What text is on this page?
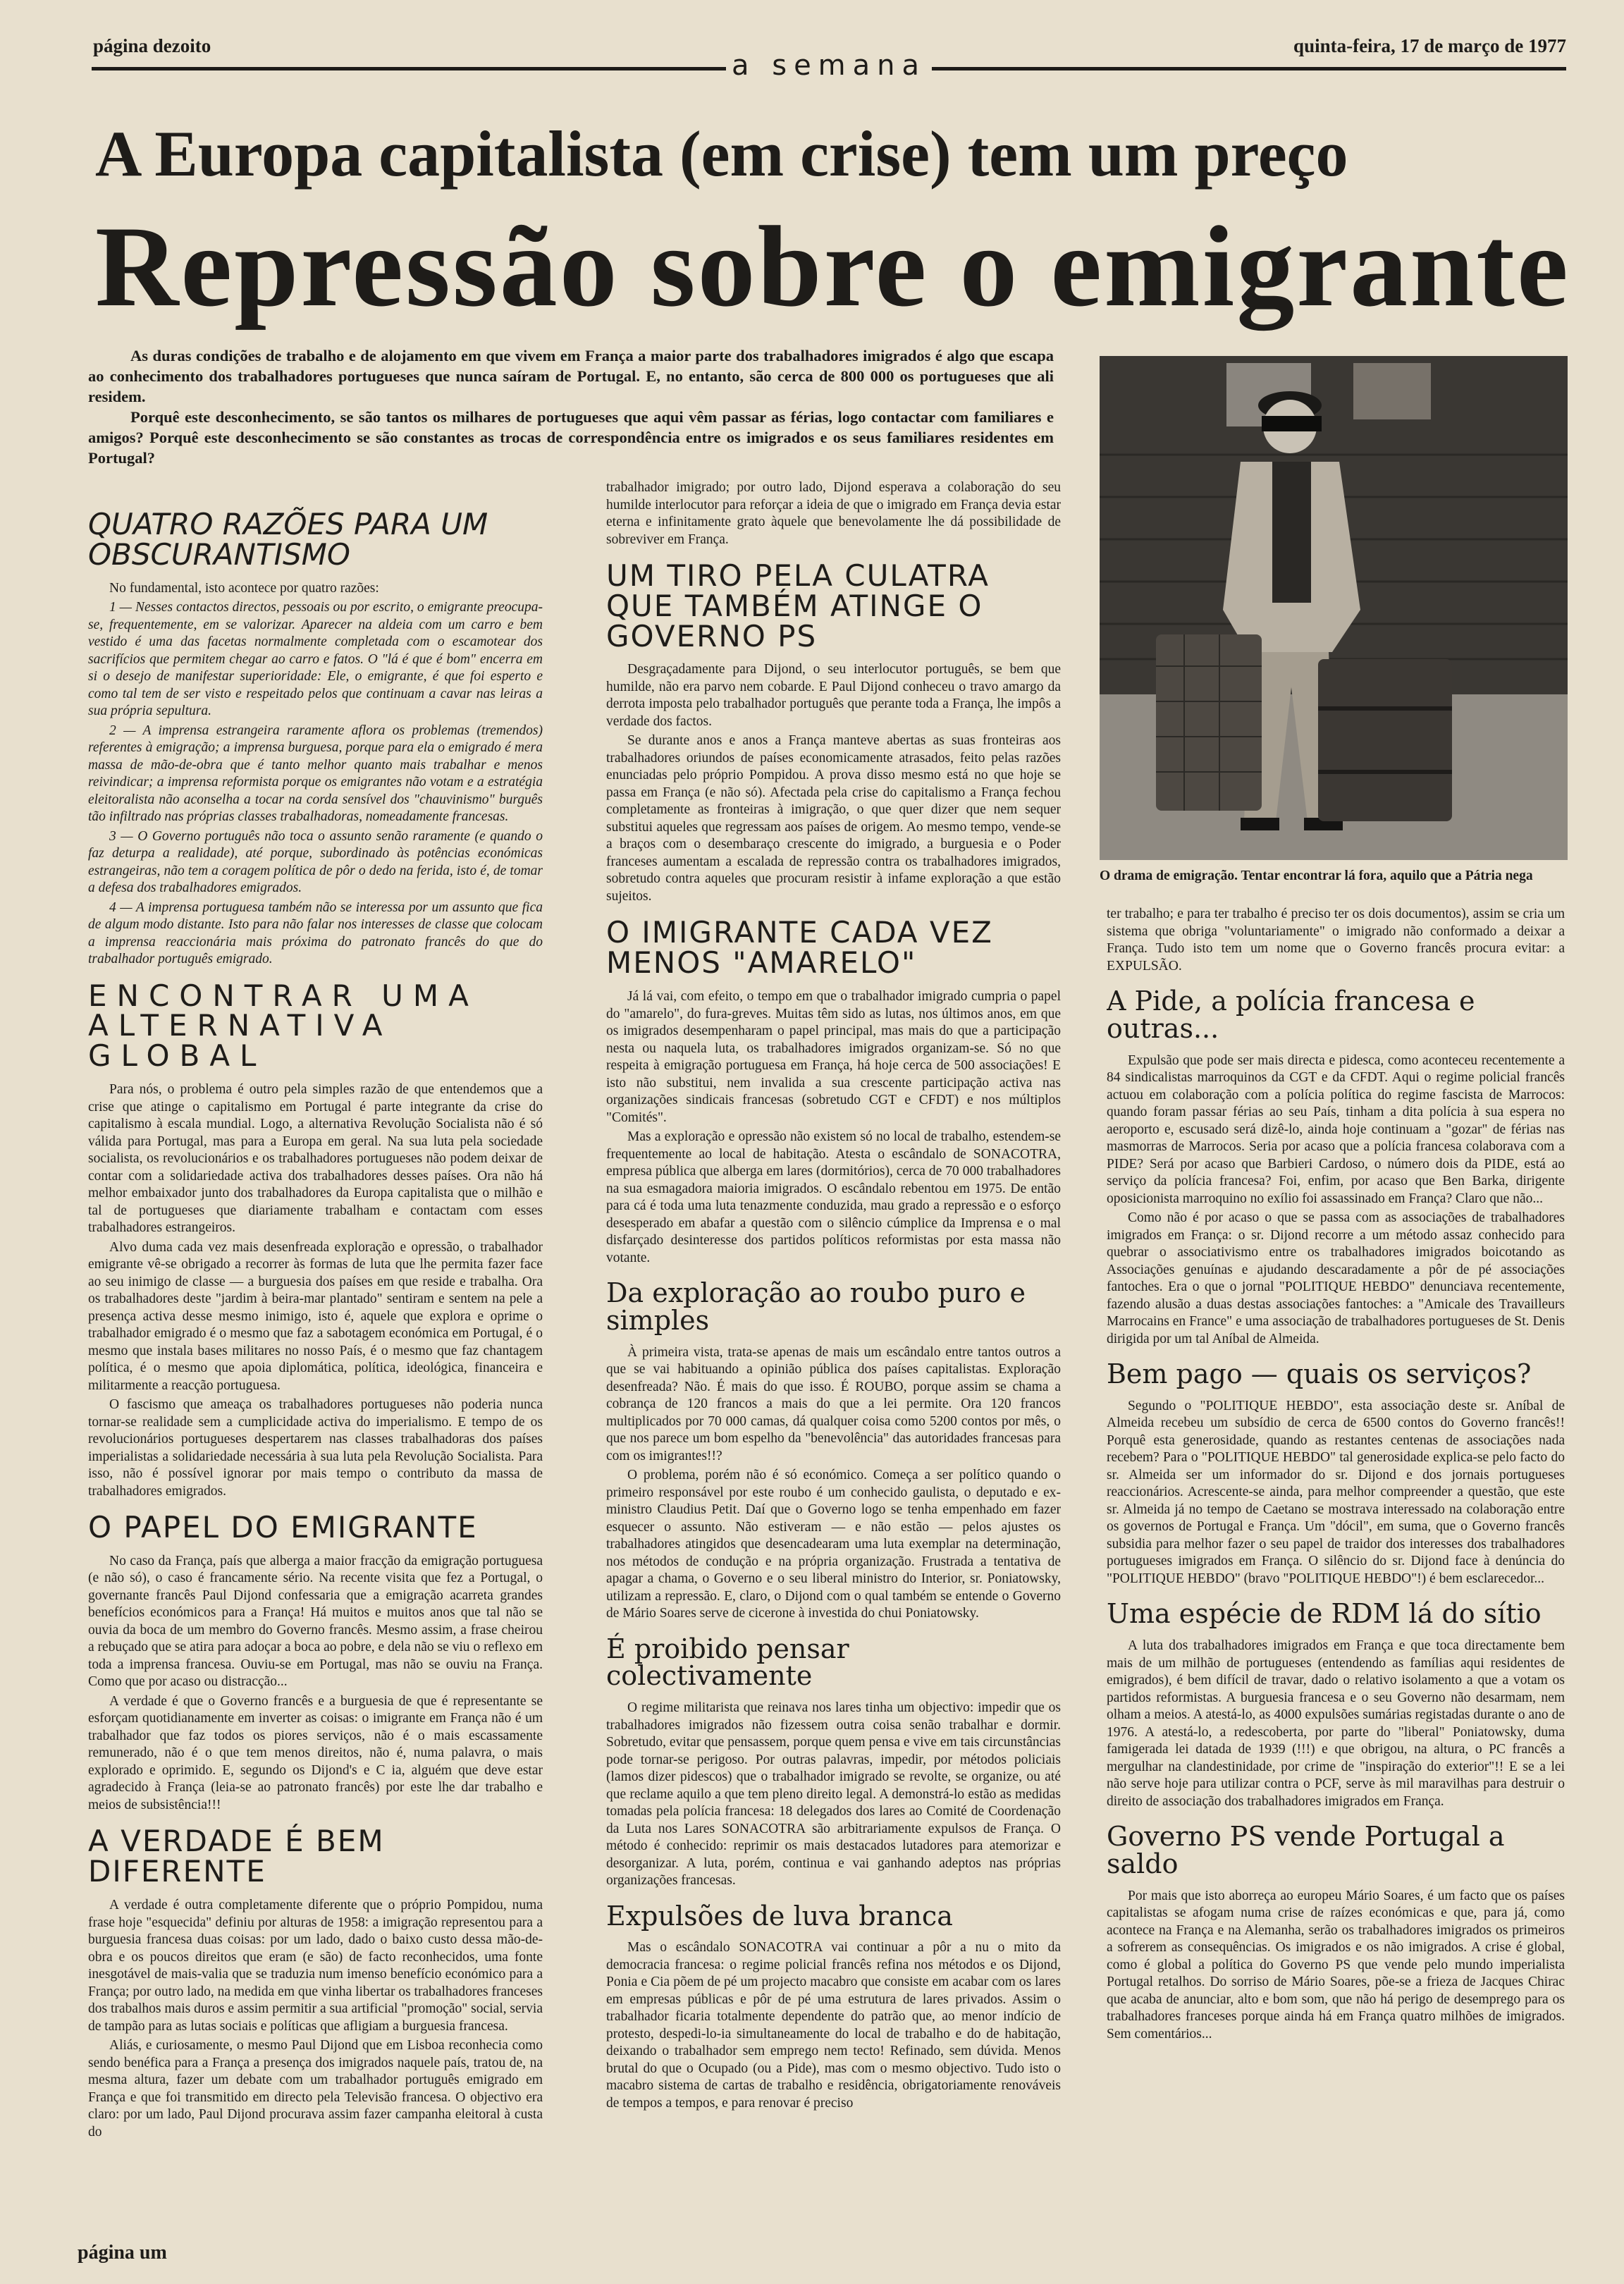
página dezoito
a semana
quinta-feira, 17 de março de 1977
A Europa capitalista (em crise) tem um preço
Repressão sobre o emigrante

As duras condições de trabalho e de alojamento em que vivem em França a maior parte dos trabalhadores imigrados é algo que escapa ao conhecimento dos trabalhadores portugueses que nunca saíram de Portugal. E, no entanto, são cerca de 800 000 os portugueses que ali residem.

Porquê este desconhecimento, se são tantos os milhares de portugueses que aqui vêm passar as férias, logo contactar com familiares e amigos? Porquê este desconhecimento se são constantes as trocas de correspondência entre os imigrados e os seus familiares residentes em Portugal?

O drama de emigração. Tentar encontrar lá fora, aquilo que a Pátria nega
QUATRO RAZÕES PARA UM OBSCURANTISMO

No fundamental, isto acontece por quatro razões:

1 — Nesses contactos directos, pessoais ou por escrito, o emigrante preocupa-se, frequentemente, em se valorizar. Aparecer na aldeia com um carro e bem vestido é uma das facetas normalmente completada com o escamotear dos sacrifícios que permitem chegar ao carro e fatos. O "lá é que é bom" encerra em si o desejo de manifestar superioridade: Ele, o emigrante, é que foi esperto e como tal tem de ser visto e respeitado pelos que continuam a cavar nas leiras a sua própria sepultura.

2 — A imprensa estrangeira raramente aflora os problemas (tremendos) referentes à emigração; a imprensa burguesa, porque para ela o emigrado é mera massa de mão-de-obra que é tanto melhor quanto mais trabalhar e menos reivindicar; a imprensa reformista porque os emigrantes não votam e a estratégia eleitoralista não aconselha a tocar na corda sensível dos "chauvinismo" burguês tão infiltrado nas próprias classes trabalhadoras, nomeadamente francesas.

3 — O Governo português não toca o assunto senão raramente (e quando o faz deturpa a realidade), até porque, subordinado às potências económicas estrangeiras, não tem a coragem política de pôr o dedo na ferida, isto é, de tomar a defesa dos trabalhadores emigrados.

4 — A imprensa portuguesa também não se interessa por um assunto que fica de algum modo distante. Isto para não falar nos interesses de classe que colocam a imprensa reaccionária mais próxima do patronato francês do que do trabalhador português emigrado.

ENCONTRAR UMA ALTERNATIVA GLOBAL

Para nós, o problema é outro pela simples razão de que entendemos que a crise que atinge o capitalismo em Portugal é parte integrante da crise do capitalismo à escala mundial. Logo, a alternativa Revolução Socialista não é só válida para Portugal, mas para a Europa em geral. Na sua luta pela sociedade socialista, os revolucionários e os trabalhadores portugueses não podem deixar de contar com a solidariedade activa dos trabalhadores desses países. Ora não há melhor embaixador junto dos trabalhadores da Europa capitalista que o milhão e tal de portugueses que diariamente trabalham e contactam com esses trabalhadores estrangeiros.

Alvo duma cada vez mais desenfreada exploração e opressão, o trabalhador emigrante vê-se obrigado a recorrer às formas de luta que lhe permita fazer face ao seu inimigo de classe — a burguesia dos países em que reside e trabalha. Ora os trabalhadores deste "jardim à beira-mar plantado" sentiram e sentem na pele a presença activa desse mesmo inimigo, isto é, aquele que explora e oprime o trabalhador emigrado é o mesmo que faz a sabotagem económica em Portugal, é o mesmo que instala bases militares no nosso País, é o mesmo que faz chantagem política, é o mesmo que apoia diplomática, política, ideológica, financeira e militarmente a reacção portuguesa.

O fascismo que ameaça os trabalhadores portugueses não poderia nunca tornar-se realidade sem a cumplicidade activa do imperialismo. E tempo de os revolucionários portugueses despertarem nas classes trabalhadoras dos países imperialistas a solidariedade necessária à sua luta pela Revolução Socialista. Para isso, não é possível ignorar por mais tempo o contributo da massa de trabalhadores emigrados.

O PAPEL DO EMIGRANTE

No caso da França, país que alberga a maior fracção da emigração portuguesa (e não só), o caso é francamente sério. Na recente visita que fez a Portugal, o governante francês Paul Dijond confessaria que a emigração acarreta grandes benefícios económicos para a França! Há muitos e muitos anos que tal não se ouvia da boca de um membro do Governo francês. Mesmo assim, a frase cheirou a rebuçado que se atira para adoçar a boca ao pobre, e dela não se viu o reflexo em toda a imprensa francesa. Ouviu-se em Portugal, mas não se ouviu na França. Como que por acaso ou distracção...

A verdade é que o Governo francês e a burguesia de que é representante se esforçam quotidianamente em inverter as coisas: o imigrante em França não é um trabalhador que faz todos os piores serviços, não é o mais escassamente remunerado, não é o que tem menos direitos, não é, numa palavra, o mais explorado e oprimido. E, segundo os Dijond's e C ia, alguém que deve estar agradecido à França (leia-se ao patronato francês) por este lhe dar trabalho e meios de subsistência!!!

A VERDADE É BEM DIFERENTE

A verdade é outra completamente diferente que o próprio Pompidou, numa frase hoje "esquecida" definiu por alturas de 1958: a imigração representou para a burguesia francesa duas coisas: por um lado, dado o baixo custo dessa mão-de-obra e os poucos direitos que eram (e são) de facto reconhecidos, uma fonte inesgotável de mais-valia que se traduzia num imenso benefício económico para a França; por outro lado, na medida em que vinha libertar os trabalhadores franceses dos trabalhos mais duros e assim permitir a sua artificial "promoção" social, servia de tampão para as lutas sociais e políticas que afligiam a burguesia francesa.

Aliás, e curiosamente, o mesmo Paul Dijond que em Lisboa reconhecia como sendo benéfica para a França a presença dos imigrados naquele país, tratou de, na mesma altura, fazer um debate com um trabalhador português emigrado em França e que foi transmitido em directo pela Televisão francesa. O objectivo era claro: por um lado, Paul Dijond procurava assim fazer campanha eleitoral à custa do

trabalhador imigrado; por outro lado, Dijond esperava a colaboração do seu humilde interlocutor para reforçar a ideia de que o imigrado em França devia estar eterna e infinitamente grato àquele que benevolamente lhe dá possibilidade de sobreviver em França.

UM TIRO PELA CULATRA QUE TAMBÉM ATINGE O GOVERNO PS

Desgraçadamente para Dijond, o seu interlocutor português, se bem que humilde, não era parvo nem cobarde. E Paul Dijond conheceu o travo amargo da derrota imposta pelo trabalhador português que perante toda a França, lhe impôs a verdade dos factos.

Se durante anos e anos a França manteve abertas as suas fronteiras aos trabalhadores oriundos de países economicamente atrasados, feito pelas razões enunciadas pelo próprio Pompidou. A prova disso mesmo está no que hoje se passa em França (e não só). Afectada pela crise do capitalismo a França fechou completamente as fronteiras à imigração, o que quer dizer que nem sequer substitui aqueles que regressam aos países de origem. Ao mesmo tempo, vende-se a braços com o desembaraço crescente do imigrado, a burguesia e o Poder franceses aumentam a escalada de repressão contra os trabalhadores imigrados, sobretudo contra aqueles que procuram resistir à infame exploração a que estão sujeitos.

O IMIGRANTE CADA VEZ MENOS "AMARELO"

Já lá vai, com efeito, o tempo em que o trabalhador imigrado cumpria o papel do "amarelo", do fura-greves. Muitas têm sido as lutas, nos últimos anos, em que os imigrados desempenharam o papel principal, mas mais do que a participação nesta ou naquela luta, os trabalhadores imigrados organizam-se. Só no que respeita à emigração portuguesa em França, há hoje cerca de 500 associações! E isto não substitui, nem invalida a sua crescente participação activa nas organizações sindicais francesas (sobretudo CGT e CFDT) e nos múltiplos "Comités".

Mas a exploração e opressão não existem só no local de trabalho, estendem-se frequentemente ao local de habitação. Atesta o escândalo de SONACOTRA, empresa pública que alberga em lares (dormitórios), cerca de 70 000 trabalhadores na sua esmagadora maioria imigrados. O escândalo rebentou em 1975. De então para cá é toda uma luta tenazmente conduzida, mau grado a repressão e o esforço desesperado em abafar a questão com o silêncio cúmplice da Imprensa e o mal disfarçado desinteresse dos partidos políticos reformistas por esta massa não votante.

Da exploração ao roubo puro e simples

À primeira vista, trata-se apenas de mais um escândalo entre tantos outros a que se vai habituando a opinião pública dos países capitalistas. Exploração desenfreada? Não. É mais do que isso. É ROUBO, porque assim se chama a cobrança de 120 francos a mais do que a lei permite. Ora 120 francos multiplicados por 70 000 camas, dá qualquer coisa como 5200 contos por mês, o que nos parece um bom espelho da "benevolência" das autoridades francesas para com os imigrantes!!?

O problema, porém não é só económico. Começa a ser político quando o primeiro responsável por este roubo é um conhecido gaulista, o deputado e ex-ministro Claudius Petit. Daí que o Governo logo se tenha empenhado em fazer esquecer o assunto. Não estiveram — e não estão — pelos ajustes os trabalhadores atingidos que desencadearam uma luta exemplar na determinação, nos métodos de condução e na própria organização. Frustrada a tentativa de apagar a chama, o Governo e o seu liberal ministro do Interior, sr. Poniatowsky, utilizam a repressão. E, claro, o Dijond com o qual também se entende o Governo de Mário Soares serve de cicerone à investida do chui Poniatowsky.

É proibido pensar colectivamente

O regime militarista que reinava nos lares tinha um objectivo: impedir que os trabalhadores imigrados não fizessem outra coisa senão trabalhar e dormir. Sobretudo, evitar que pensassem, porque quem pensa e vive em tais circunstâncias pode tornar-se perigoso. Por outras palavras, impedir, por métodos policiais (lamos dizer pidescos) que o trabalhador imigrado se revolte, se organize, ou até que reclame aquilo a que tem pleno direito legal. A demonstrá-lo estão as medidas tomadas pela polícia francesa: 18 delegados dos lares ao Comité de Coordenação da Luta nos Lares SONACOTRA são arbitrariamente expulsos de França. O método é conhecido: reprimir os mais destacados lutadores para atemorizar e desorganizar. A luta, porém, continua e vai ganhando adeptos nas próprias organizações francesas.

Expulsões de luva branca

Mas o escândalo SONACOTRA vai continuar a pôr a nu o mito da democracia francesa: o regime policial francês refina nos métodos e os Dijond, Ponia e Cia põem de pé um projecto macabro que consiste em acabar com os lares em empresas públicas e pôr de pé uma estrutura de lares privados. Assim o trabalhador ficaria totalmente dependente do patrão que, ao menor indício de protesto, despedi-lo-ia simultaneamente do local de trabalho e do de habitação, deixando o trabalhador sem emprego nem tecto! Refinado, sem dúvida. Menos brutal do que o Ocupado (ou a Pide), mas com o mesmo objectivo. Tudo isto o macabro sistema de cartas de trabalho e residência, obrigatoriamente renováveis de tempos a tempos, e para renovar é preciso

ter trabalho; e para ter trabalho é preciso ter os dois documentos), assim se cria um sistema que obriga "voluntariamente" o imigrado não conformado a deixar a França. Tudo isto tem um nome que o Governo francês procura evitar: a EXPULSÃO.

A Pide, a polícia francesa e outras...

Expulsão que pode ser mais directa e pidesca, como aconteceu recentemente a 84 sindicalistas marroquinos da CGT e da CFDT. Aqui o regime policial francês actuou em colaboração com a polícia política do regime fascista de Marrocos: quando foram passar férias ao seu País, tinham a dita polícia à sua espera no aeroporto e, escusado será dizê-lo, ainda hoje continuam a "gozar" de férias nas masmorras de Marrocos. Seria por acaso que a polícia francesa colaborava com a PIDE? Será por acaso que Barbieri Cardoso, o número dois da PIDE, está ao serviço da polícia francesa? Foi, enfim, por acaso que Ben Barka, dirigente oposicionista marroquino no exílio foi assassinado em França? Claro que não...

Como não é por acaso o que se passa com as associações de trabalhadores imigrados em França: o sr. Dijond recorre a um método assaz conhecido para quebrar o associativismo entre os trabalhadores imigrados boicotando as Associações genuínas e ajudando descaradamente a pôr de pé associações fantoches. Era o que o jornal "POLITIQUE HEBDO" denunciava recentemente, fazendo alusão a duas destas associações fantoches: a "Amicale des Travailleurs Marrocains en France" e uma associação de trabalhadores portugueses de St. Denis dirigida por um tal Aníbal de Almeida.

Bem pago — quais os serviços?

Segundo o "POLITIQUE HEBDO", esta associação deste sr. Aníbal de Almeida recebeu um subsídio de cerca de 6500 contos do Governo francês!! Porquê esta generosidade, quando as restantes centenas de associações nada recebem? Para o "POLITIQUE HEBDO" tal generosidade explica-se pelo facto do sr. Almeida ser um informador do sr. Dijond e dos jornais portugueses reaccionários. Acrescente-se ainda, para melhor compreender a questão, que este sr. Almeida já no tempo de Caetano se mostrava interessado na colaboração entre os governos de Portugal e França. Um "dócil", em suma, que o Governo francês subsidia para melhor fazer o seu papel de traidor dos interesses dos trabalhadores portugueses imigrados em França. O silêncio do sr. Dijond face à denúncia do "POLITIQUE HEBDO" (bravo "POLITIQUE HEBDO"!) é bem esclarecedor...

Uma espécie de RDM lá do sítio

A luta dos trabalhadores imigrados em França e que toca directamente bem mais de um milhão de portugueses (entendendo as famílias aqui residentes de emigrados), é bem difícil de travar, dado o relativo isolamento a que a votam os partidos reformistas. A burguesia francesa e o seu Governo não desarmam, nem olham a meios. A atestá-lo, as 4000 expulsões sumárias registadas durante o ano de 1976. A atestá-lo, a redescoberta, por parte do "liberal" Poniatowsky, duma famigerada lei datada de 1939 (!!!) e que obrigou, na altura, o PC francês a mergulhar na clandestinidade, por crime de "inspiração do exterior"!! E se a lei não serve hoje para utilizar contra o PCF, serve às mil maravilhas para destruir o direito de associação dos trabalhadores imigrados em França.

Governo PS vende Portugal a saldo

Por mais que isto aborreça ao europeu Mário Soares, é um facto que os países capitalistas se afogam numa crise de raízes económicas e que, para já, como acontece na França e na Alemanha, serão os trabalhadores imigrados os primeiros a sofrerem as consequências. Os imigrados e os não imigrados. A crise é global, como é global a política do Governo PS que vende pelo mundo imperialista Portugal retalhos. Do sorriso de Mário Soares, põe-se a frieza de Jacques Chirac que acaba de anunciar, alto e bom som, que não há perigo de desemprego para os trabalhadores franceses porque ainda há em França quatro milhões de imigrados. Sem comentários...

página um
